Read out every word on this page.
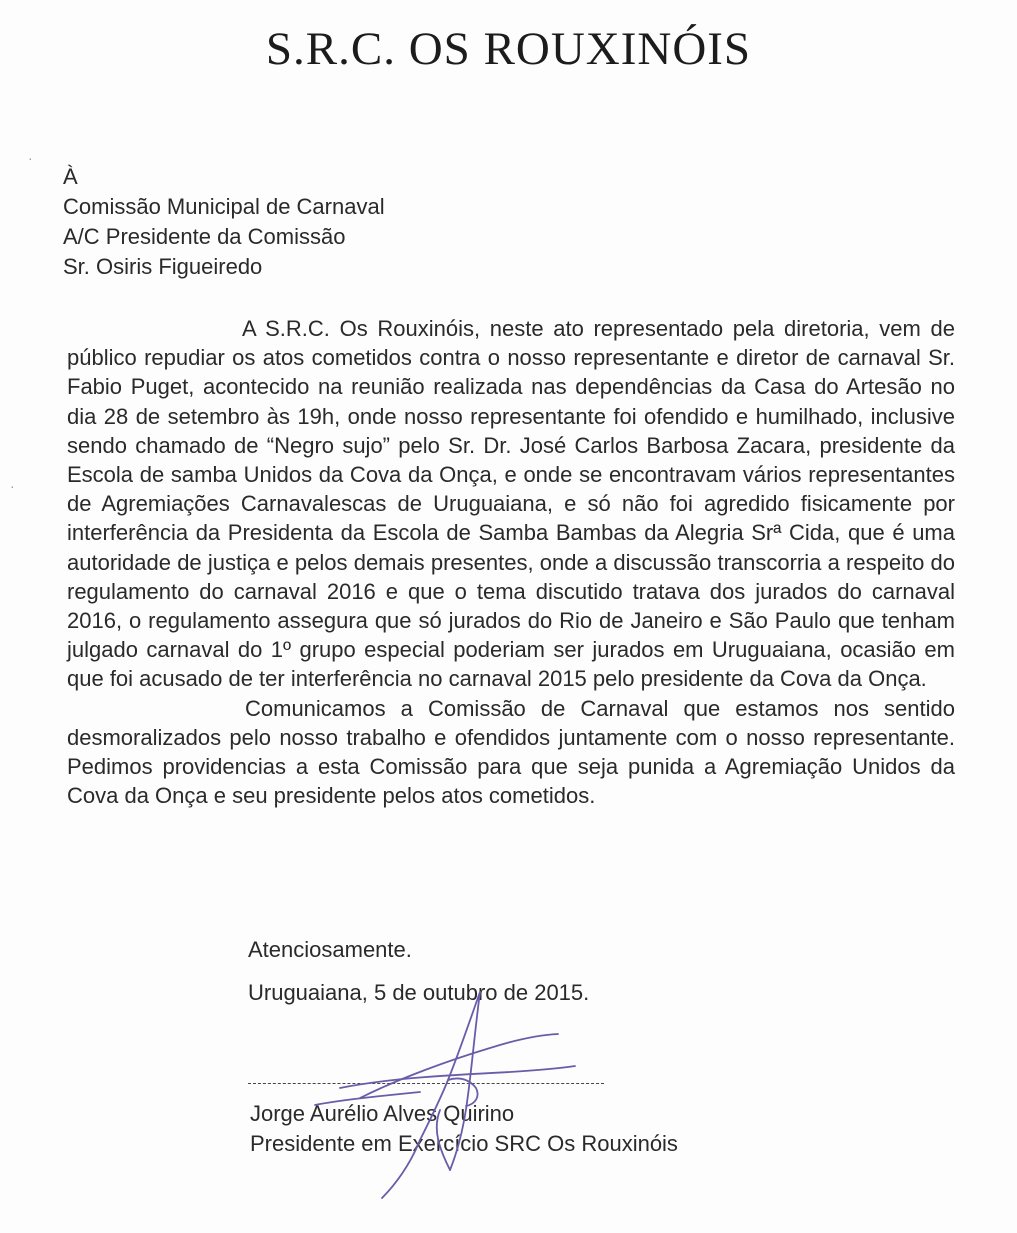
S.R.C. OS ROUXINÓIS
·
·
À
Comissão Municipal de Carnaval
A/C Presidente da Comissão
Sr. Osiris Figueiredo

A S.R.C. Os Rouxinóis, neste ato representado pela diretoria, vem de público repudiar os atos cometidos contra o nosso representante e diretor de carnaval Sr. Fabio Puget, acontecido na reunião realizada nas dependências da Casa do Artesão no dia 28 de setembro às 19h, onde nosso representante foi ofendido e humilhado, inclusive sendo chamado de “Negro sujo” pelo Sr. Dr. José Carlos Barbosa Zacara, presidente da Escola de samba Unidos da Cova da Onça, e onde se encontravam vários representantes de Agremiações Carnavalescas de Uruguaiana, e só não foi agredido fisicamente por interferência da Presidenta da Escola de Samba Bambas da Alegria Srª Cida, que é uma autoridade de justiça e pelos demais presentes, onde a discussão transcorria a respeito do regulamento do carnaval 2016 e que o tema discutido tratava dos jurados do carnaval 2016, o regulamento assegura que só jurados do Rio de Janeiro e São Paulo que tenham julgado carnaval do 1º grupo especial poderiam ser jurados em Uruguaiana, ocasião em que foi acusado de ter interferência no carnaval 2015 pelo presidente da Cova da Onça.

Comunicamos a Comissão de Carnaval que estamos nos sentido desmoralizados pelo nosso trabalho e ofendidos juntamente com o nosso representante. Pedimos providencias a esta Comissão para que seja punida a Agremiação Unidos da Cova da Onça e seu presidente pelos atos cometidos.

Atenciosamente.
Uruguaiana, 5 de outubro de 2015.
Jorge Aurélio Alves Quirino
Presidente em Exercício SRC Os Rouxinóis
